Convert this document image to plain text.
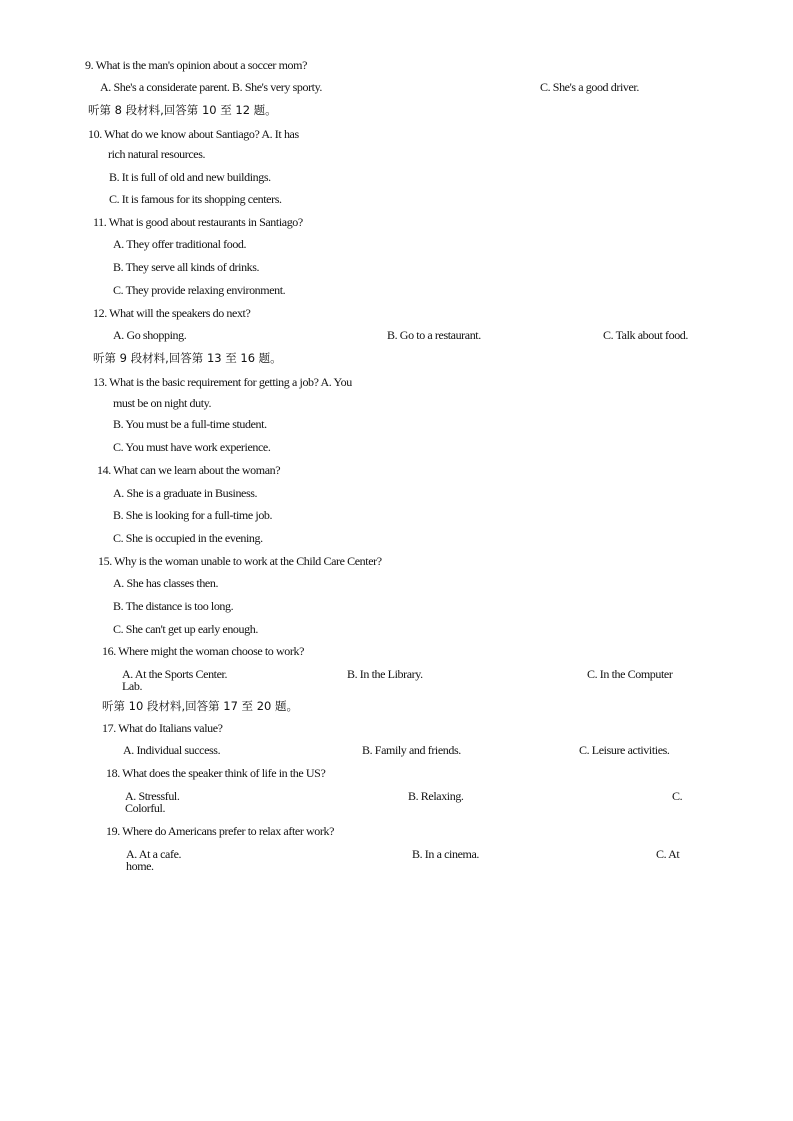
9. What is the man's opinion about a soccer mom?
A. She's a considerate parent. B. She's very sporty.	C. She's a good driver.
听第 8 段材料,回答第 10 至 12 题。
10. What do we know about Santiago? A. It has
rich natural resources.
B. It is full of old and new buildings.
C. It is famous for its shopping centers.
11. What is good about restaurants in Santiago?
A. They offer traditional food.
B. They serve all kinds of drinks.
C. They provide relaxing environment.
12. What will the speakers do next?
A. Go shopping.	B. Go to a restaurant.	C. Talk about food.
听第 9 段材料,回答第 13 至 16 题。
13. What is the basic requirement for getting a job? A. You
must be on night duty.
B. You must be a full-time student.
C. You must have work experience.
14. What can we learn about the woman?
A. She is a graduate in Business.
B. She is looking for a full-time job.
C. She is occupied in the evening.
15. Why is the woman unable to work at the Child Care Center?
A. She has classes then.
B. The distance is too long.
C. She can't get up early enough.
16. Where might the woman choose to work?
A. At the Sports Center.	B. In the Library.	C. In the Computer
Lab.
听第 10 段材料,回答第 17 至 20 题。
17. What do Italians value?
A. Individual success.	B. Family and friends.	C. Leisure activities.
18. What does the speaker think of life in the US?
A. Stressful.	B. Relaxing.	C.
Colorful.
19. Where do Americans prefer to relax after work?
A. At a cafe.	B. In a cinema.	C. At
home.
